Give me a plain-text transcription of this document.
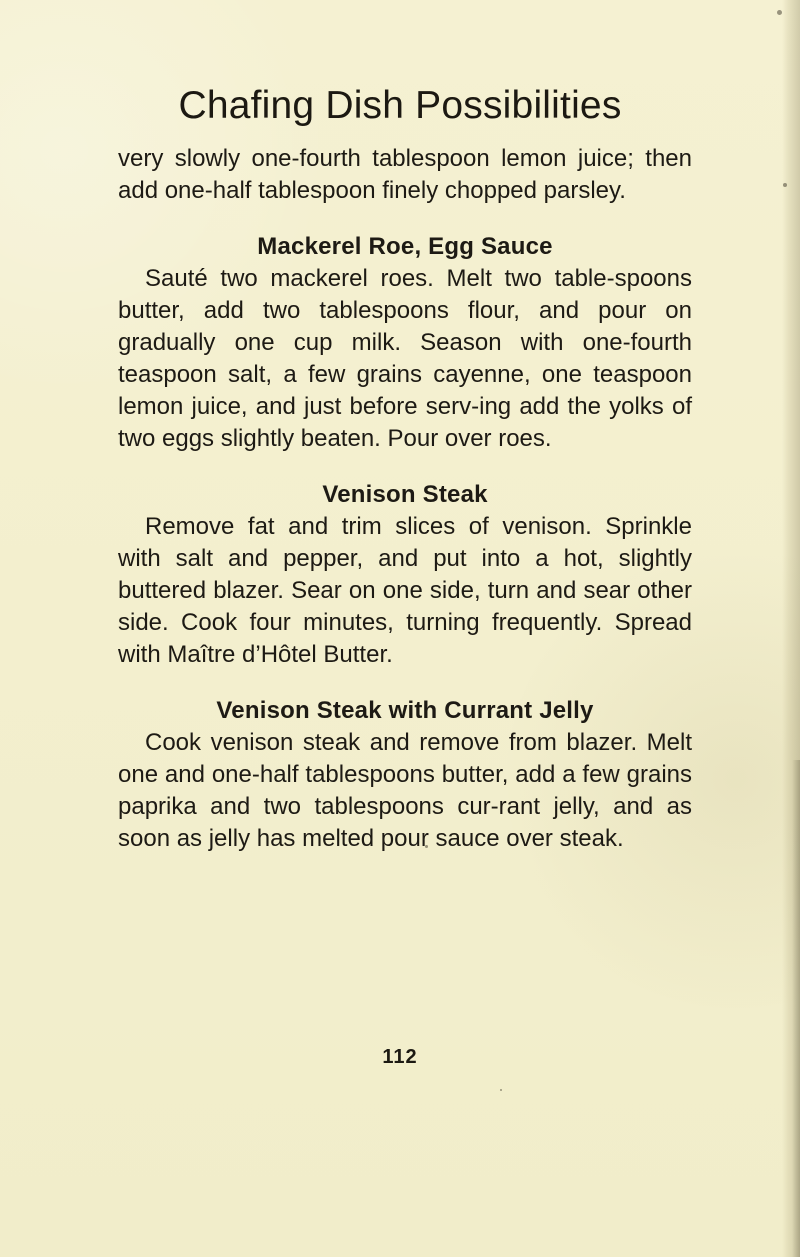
Chafing Dish Possibilities

very slowly one-fourth tablespoon lemon juice; then add one-half tablespoon finely chopped parsley.

Mackerel Roe, Egg Sauce

Sauté two mackerel roes. Melt two table-spoons butter, add two tablespoons flour, and pour on gradually one cup milk. Season with one-fourth teaspoon salt, a few grains cayenne, one teaspoon lemon juice, and just before serv-ing add the yolks of two eggs slightly beaten. Pour over roes.

Venison Steak

Remove fat and trim slices of venison. Sprinkle with salt and pepper, and put into a hot, slightly buttered blazer. Sear on one side, turn and sear other side. Cook four minutes, turning frequently. Spread with Maître d’Hôtel Butter.

Venison Steak with Currant Jelly

Cook venison steak and remove from blazer. Melt one and one-half tablespoons butter, add a few grains paprika and two tablespoons cur-rant jelly, and as soon as jelly has melted pour sauce over steak.

112
